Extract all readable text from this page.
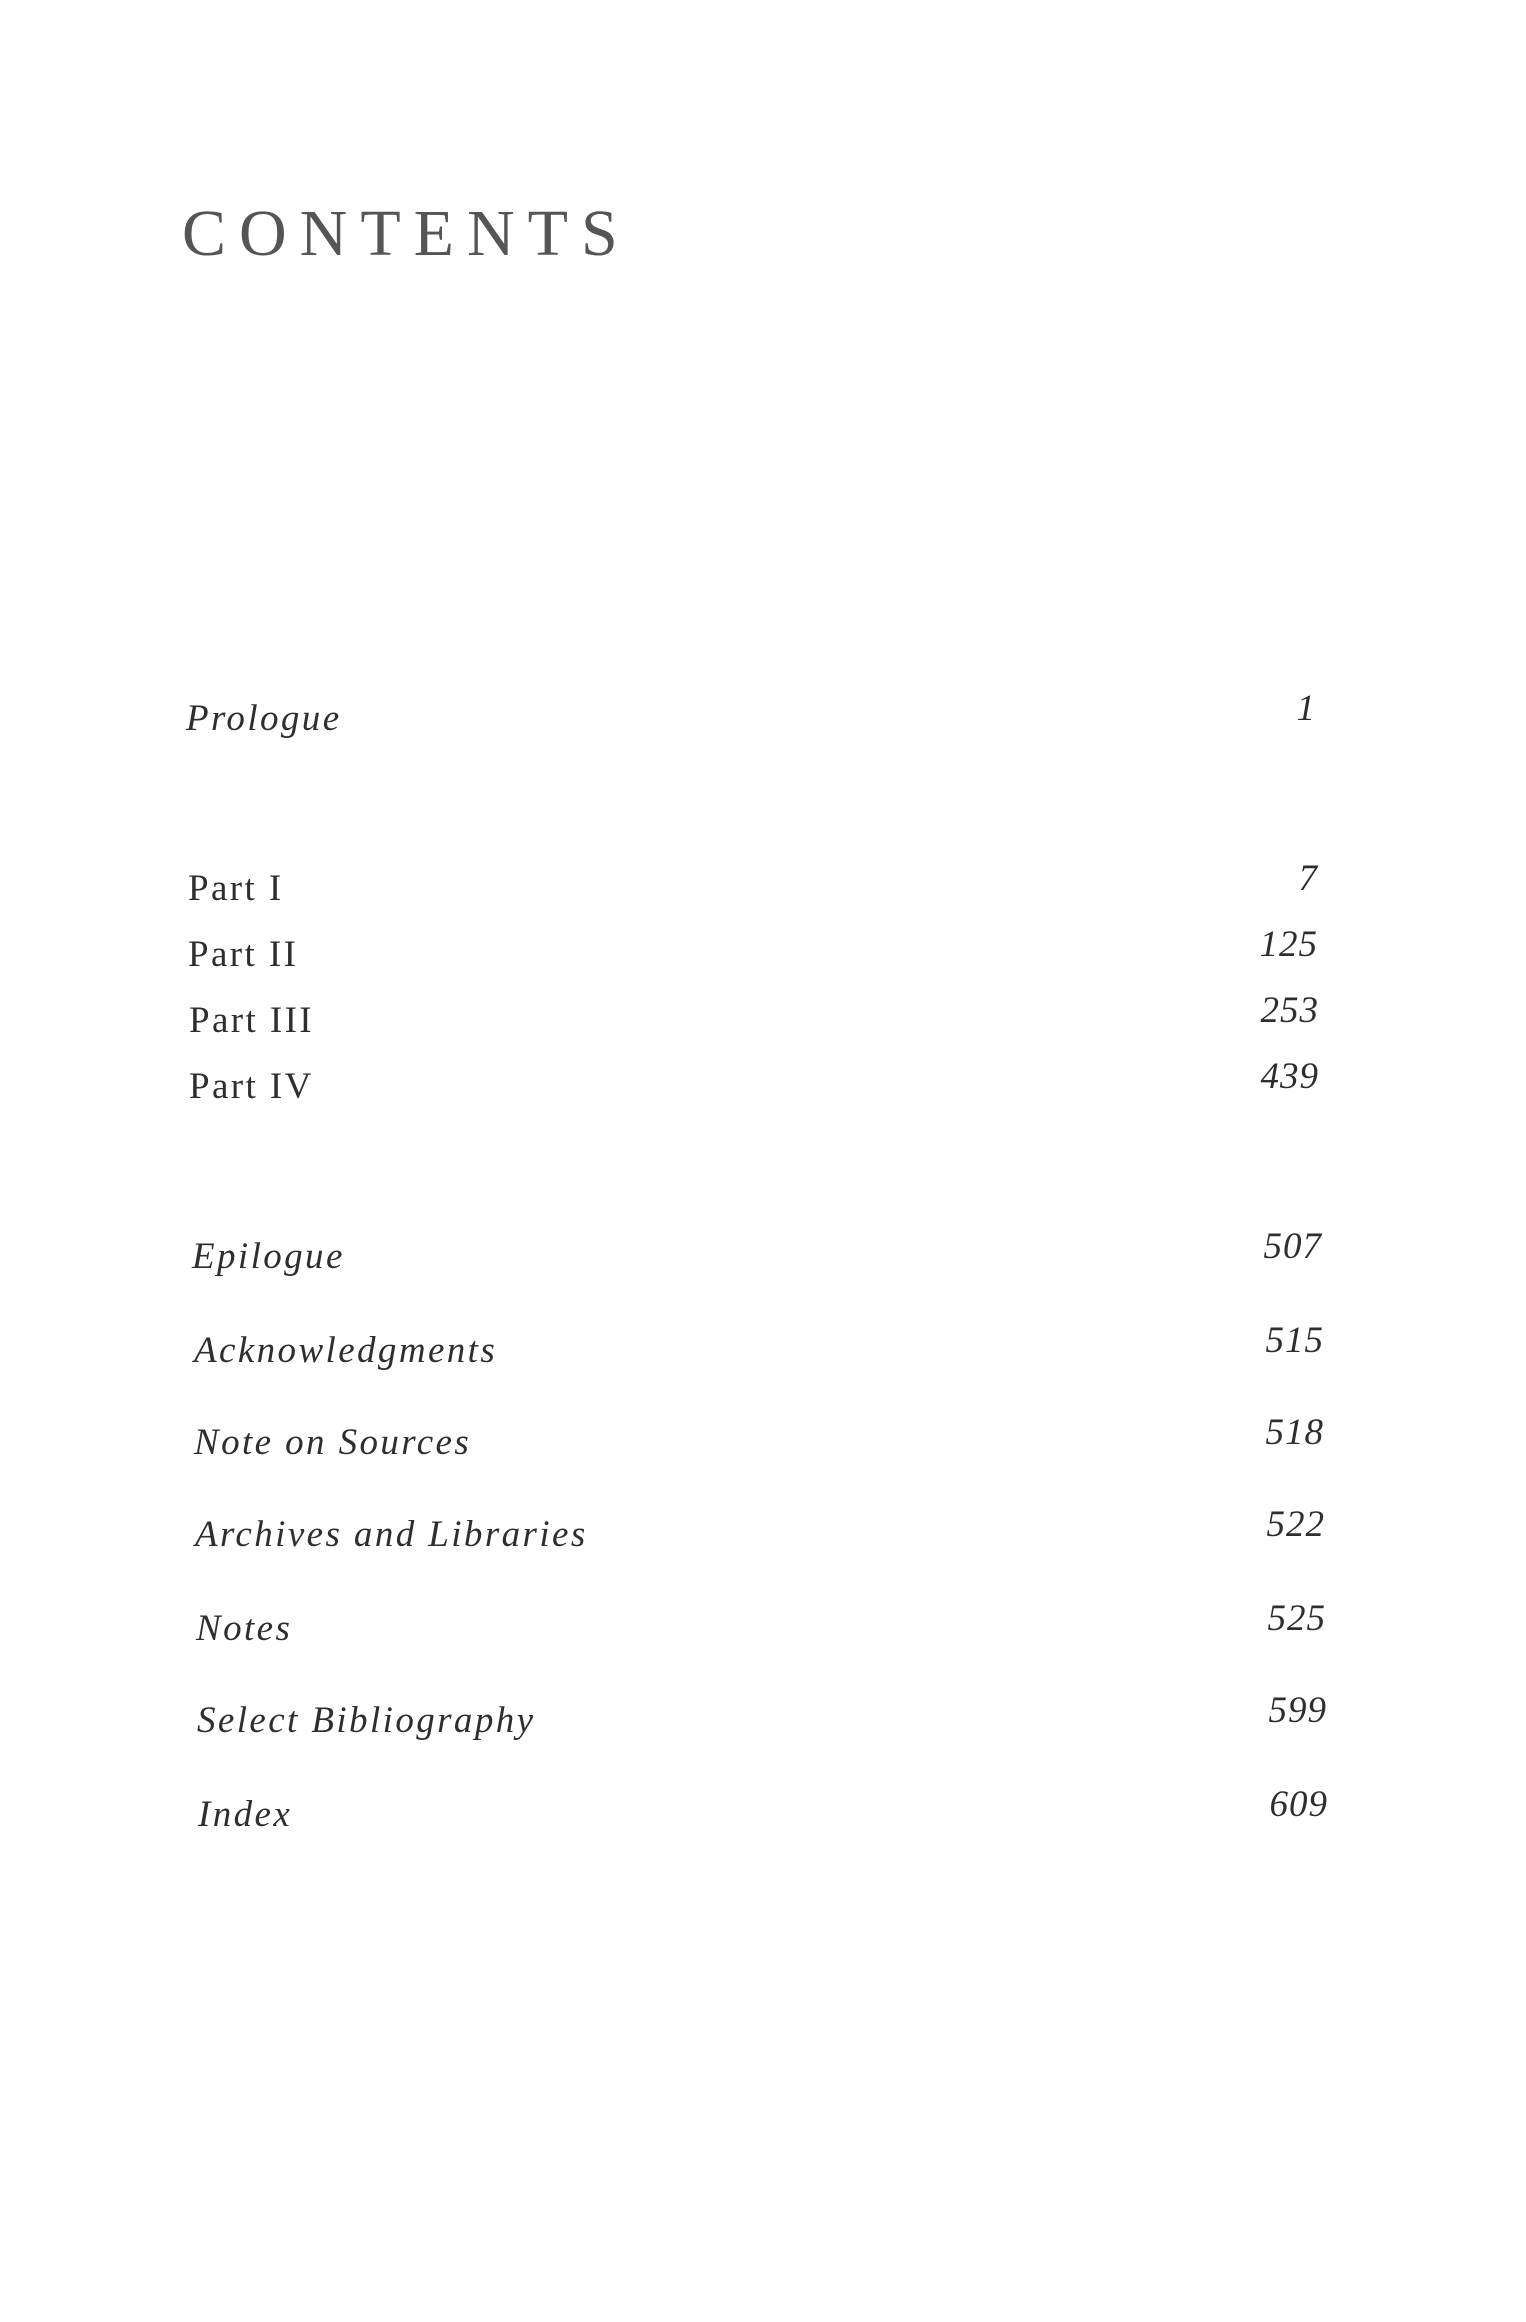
CONTENTS
Prologue	1
Part I	7
Part II	125
Part III	253
Part IV	439
Epilogue	507
Acknowledgments	515
Note on Sources	518
Archives and Libraries	522
Notes	525
Select Bibliography	599
Index	609
